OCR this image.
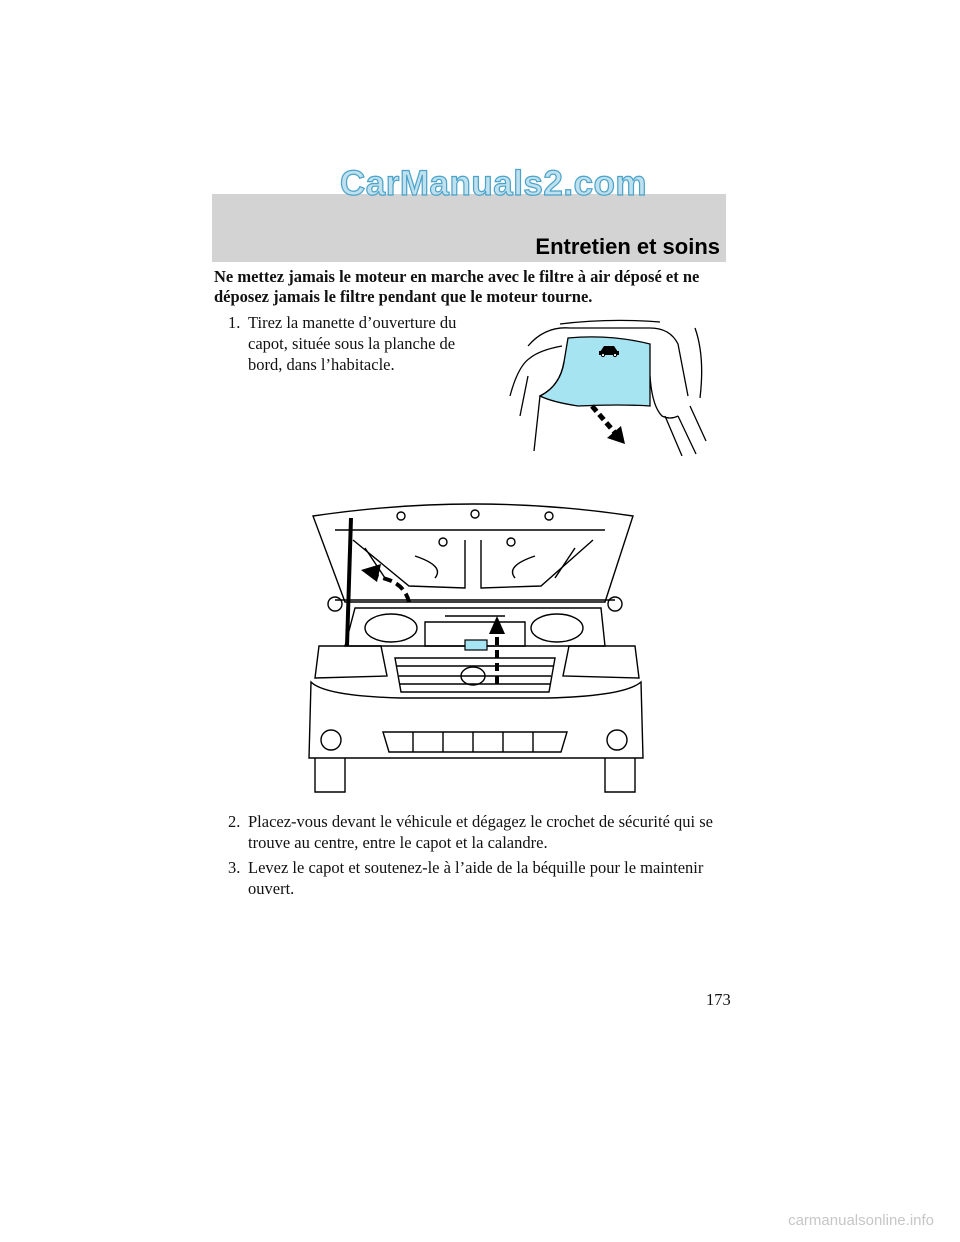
CarManuals2.com
Entretien et soins
Ne mettez jamais le moteur en marche avec le filtre à air déposé et ne déposez jamais le filtre pendant que le moteur tourne.
1. Tirez la manette d’ouverture du capot, située sous la planche de bord, dans l’habitacle.
2. Placez-vous devant le véhicule et dégagez le crochet de sécurité qui se trouve au centre, entre le capot et la calandre.
3. Levez le capot et soutenez-le à l’aide de la béquille pour le maintenir ouvert.
173
carmanualsonline.info
